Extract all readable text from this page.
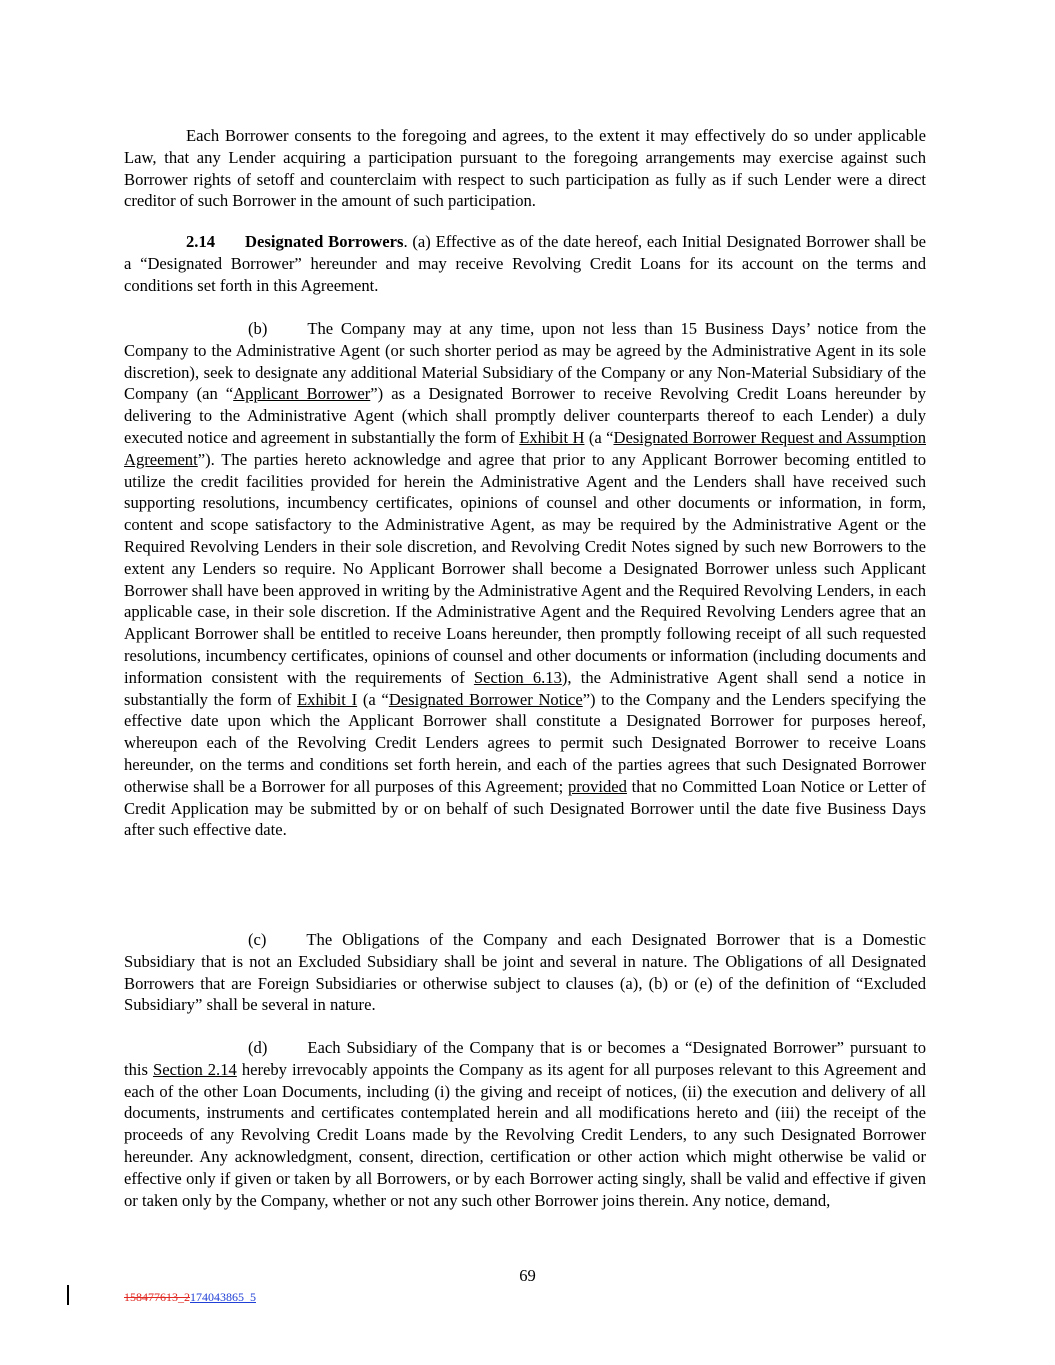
Each Borrower consents to the foregoing and agrees, to the extent it may effectively do so under applicable Law, that any Lender acquiring a participation pursuant to the foregoing arrangements may exercise against such Borrower rights of setoff and counterclaim with respect to such participation as fully as if such Lender were a direct creditor of such Borrower in the amount of such participation.

2.14 Designated Borrowers. (a) Effective as of the date hereof, each Initial Designated Borrower shall be a “Designated Borrower” hereunder and may receive Revolving Credit Loans for its account on the terms and conditions set forth in this Agreement.

(b) The Company may at any time, upon not less than 15 Business Days’ notice from the Company to the Administrative Agent (or such shorter period as may be agreed by the Administrative Agent in its sole discretion), seek to designate any additional Material Subsidiary of the Company or any Non-Material Subsidiary of the Company (an “Applicant Borrower”) as a Designated Borrower to receive Revolving Credit Loans hereunder by delivering to the Administrative Agent (which shall promptly deliver counterparts thereof to each Lender) a duly executed notice and agreement in substantially the form of Exhibit H (a “Designated Borrower Request and Assumption Agreement”). The parties hereto acknowledge and agree that prior to any Applicant Borrower becoming entitled to utilize the credit facilities provided for herein the Administrative Agent and the Lenders shall have received such supporting resolutions, incumbency certificates, opinions of counsel and other documents or information, in form, content and scope satisfactory to the Administrative Agent, as may be required by the Administrative Agent or the Required Revolving Lenders in their sole discretion, and Revolving Credit Notes signed by such new Borrowers to the extent any Lenders so require. No Applicant Borrower shall become a Designated Borrower unless such Applicant Borrower shall have been approved in writing by the Administrative Agent and the Required Revolving Lenders, in each applicable case, in their sole discretion. If the Administrative Agent and the Required Revolving Lenders agree that an Applicant Borrower shall be entitled to receive Loans hereunder, then promptly following receipt of all such requested resolutions, incumbency certificates, opinions of counsel and other documents or information (including documents and information consistent with the requirements of Section 6.13), the Administrative Agent shall send a notice in substantially the form of Exhibit I (a “Designated Borrower Notice”) to the Company and the Lenders specifying the effective date upon which the Applicant Borrower shall constitute a Designated Borrower for purposes hereof, whereupon each of the Revolving Credit Lenders agrees to permit such Designated Borrower to receive Loans hereunder, on the terms and conditions set forth herein, and each of the parties agrees that such Designated Borrower otherwise shall be a Borrower for all purposes of this Agreement; provided that no Committed Loan Notice or Letter of Credit Application may be submitted by or on behalf of such Designated Borrower until the date five Business Days after such effective date.

(c) The Obligations of the Company and each Designated Borrower that is a Domestic Subsidiary that is not an Excluded Subsidiary shall be joint and several in nature. The Obligations of all Designated Borrowers that are Foreign Subsidiaries or otherwise subject to clauses (a), (b) or (e) of the definition of “Excluded Subsidiary” shall be several in nature.

(d) Each Subsidiary of the Company that is or becomes a “Designated Borrower” pursuant to this Section 2.14 hereby irrevocably appoints the Company as its agent for all purposes relevant to this Agreement and each of the other Loan Documents, including (i) the giving and receipt of notices, (ii) the execution and delivery of all documents, instruments and certificates contemplated herein and all modifications hereto and (iii) the receipt of the proceeds of any Revolving Credit Loans made by the Revolving Credit Lenders, to any such Designated Borrower hereunder. Any acknowledgment, consent, direction, certification or other action which might otherwise be valid or effective only if given or taken by all Borrowers, or by each Borrower acting singly, shall be valid and effective if given or taken only by the Company, whether or not any such other Borrower joins therein. Any notice, demand,

69
158477613_2174043865_5
